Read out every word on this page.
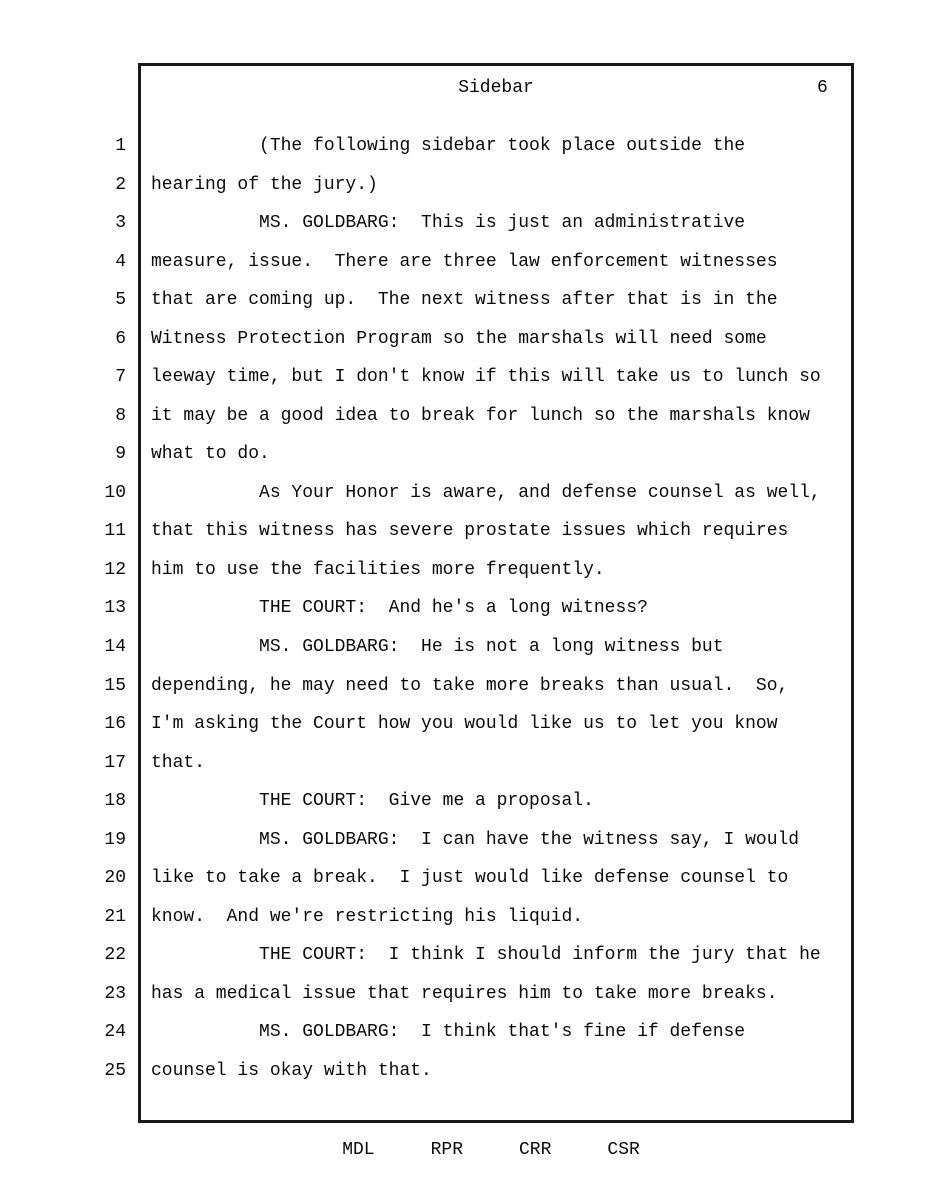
Sidebar	6
1 (The following sidebar took place outside the
2 hearing of the jury.)
3 MS. GOLDBARG:  This is just an administrative
4 measure, issue.  There are three law enforcement witnesses
5 that are coming up.  The next witness after that is in the
6 Witness Protection Program so the marshals will need some
7 leeway time, but I don't know if this will take us to lunch so
8 it may be a good idea to break for lunch so the marshals know
9 what to do.
10 As Your Honor is aware, and defense counsel as well,
11 that this witness has severe prostate issues which requires
12 him to use the facilities more frequently.
13 THE COURT:  And he's a long witness?
14 MS. GOLDBARG:  He is not a long witness but
15 depending, he may need to take more breaks than usual.  So,
16 I'm asking the Court how you would like us to let you know
17 that.
18 THE COURT:  Give me a proposal.
19 MS. GOLDBARG:  I can have the witness say, I would
20 like to take a break.  I just would like defense counsel to
21 know.  And we're restricting his liquid.
22 THE COURT:  I think I should inform the jury that he
23 has a medical issue that requires him to take more breaks.
24 MS. GOLDBARG:  I think that's fine if defense
25 counsel is okay with that.
MDL	RPR	CRR	CSR
